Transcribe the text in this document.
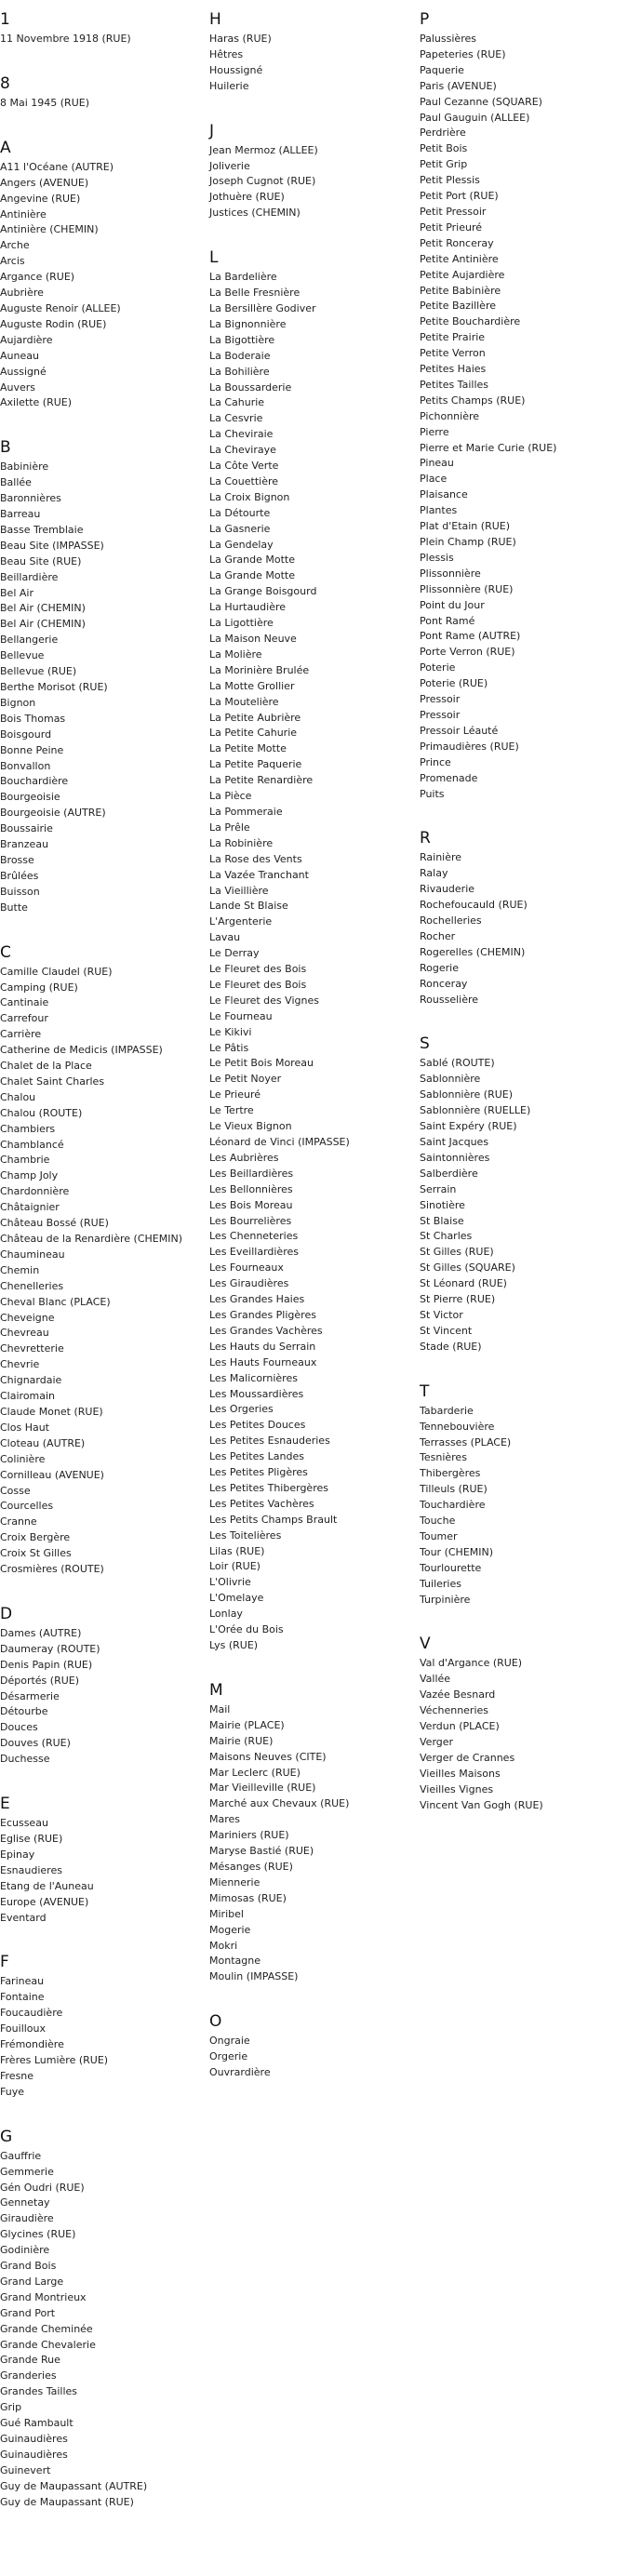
1
11 Novembre 1918 (RUE)
8
8 Mai 1945 (RUE)
A
A11 l'Océane (AUTRE)
Angers (AVENUE)
Angevine (RUE)
Antinière
Antinière (CHEMIN)
Arche
Arcis
Argance (RUE)
Aubrière
Auguste Renoir (ALLEE)
Auguste Rodin (RUE)
Aujardière
Auneau
Aussigné
Auvers
Axilette (RUE)
B
Babinière
Ballée
Baronnières
Barreau
Basse Tremblaie
Beau Site (IMPASSE)
Beau Site (RUE)
Beillardière
Bel Air
Bel Air (CHEMIN)
Bel Air (CHEMIN)
Bellangerie
Bellevue
Bellevue (RUE)
Berthe Morisot (RUE)
Bignon
Bois Thomas
Boisgourd
Bonne Peine
Bonvallon
Bouchardière
Bourgeoisie
Bourgeoisie (AUTRE)
Boussairie
Branzeau
Brosse
Brûlées
Buisson
Butte
C
Camille Claudel (RUE)
Camping (RUE)
Cantinaie
Carrefour
Carrière
Catherine de Medicis (IMPASSE)
Chalet de la Place
Chalet Saint Charles
Chalou
Chalou (ROUTE)
Chambiers
Chamblancé
Chambrie
Champ Joly
Chardonnière
Châtaignier
Château Bossé (RUE)
Château de la Renardière (CHEMIN)
Chaumineau
Chemin
Chenelleries
Cheval Blanc (PLACE)
Cheveigne
Chevreau
Chevretterie
Chevrie
Chignardaie
Clairomain
Claude Monet (RUE)
Clos Haut
Cloteau (AUTRE)
Colinière
Cornilleau (AVENUE)
Cosse
Courcelles
Cranne
Croix Bergère
Croix St Gilles
Crosmières (ROUTE)
D
Dames (AUTRE)
Daumeray (ROUTE)
Denis Papin (RUE)
Déportés (RUE)
Désarmerie
Détourbe
Douces
Douves (RUE)
Duchesse
E
Ecusseau
Eglise (RUE)
Epinay
Esnaudieres
Etang de l'Auneau
Europe (AVENUE)
Eventard
F
Farineau
Fontaine
Foucaudière
Fouilloux
Frémondière
Frères Lumière (RUE)
Fresne
Fuye
G
Gauffrie
Gemmerie
Gén Oudri (RUE)
Gennetay
Giraudière
Glycines (RUE)
Godinière
Grand Bois
Grand Large
Grand Montrieux
Grand Port
Grande Cheminée
Grande Chevalerie
Grande Rue
Granderies
Grandes Tailles
Grip
Gué Rambault
Guinaudières
Guinaudières
Guinevert
Guy de Maupassant (AUTRE)
Guy de Maupassant (RUE)
H
Haras (RUE)
Hêtres
Houssigné
Huilerie
J
Jean Mermoz (ALLEE)
Joliverie
Joseph Cugnot (RUE)
Jothuère (RUE)
Justices (CHEMIN)
L
La Bardelière
La Belle Fresnière
La Bersillère Godiver
La Bignonnière
La Bigottière
La Boderaie
La Bohilière
La Boussarderie
La Cahurie
La Cesvrie
La Cheviraie
La Cheviraye
La Côte Verte
La Couettière
La Croix Bignon
La Détourte
La Gasnerie
La Gendelay
La Grande Motte
La Grande Motte
La Grange Boisgourd
La Hurtaudière
La Ligottière
La Maison Neuve
La Molière
La Morinière Brulée
La Motte Grollier
La Moutelière
La Petite Aubrière
La Petite Cahurie
La Petite Motte
La Petite Paquerie
La Petite Renardière
La Pièce
La Pommeraie
La Prêle
La Robinière
La Rose des Vents
La Vazée Tranchant
La Vieillière
Lande St Blaise
L'Argenterie
Lavau
Le Derray
Le Fleuret des Bois
Le Fleuret des Bois
Le Fleuret des Vignes
Le Fourneau
Le Kikivi
Le Pâtis
Le Petit Bois Moreau
Le Petit Noyer
Le Prieuré
Le Tertre
Le Vieux Bignon
Léonard de Vinci (IMPASSE)
Les Aubrières
Les Beillardières
Les Bellonnières
Les Bois Moreau
Les Bourrelières
Les Chenneteries
Les Eveillardières
Les Fourneaux
Les Giraudières
Les Grandes Haies
Les Grandes Pligères
Les Grandes Vachères
Les Hauts du Serrain
Les Hauts Fourneaux
Les Malicornières
Les Moussardières
Les Orgeries
Les Petites Douces
Les Petites Esnauderies
Les Petites Landes
Les Petites Pligères
Les Petites Thibergères
Les Petites Vachères
Les Petits Champs Brault
Les Toitelières
Lilas (RUE)
Loir (RUE)
L'Olivrie
L'Omelaye
Lonlay
L'Orée du Bois
Lys (RUE)
M
Mail
Mairie (PLACE)
Mairie (RUE)
Maisons Neuves (CITE)
Mar Leclerc (RUE)
Mar Vieilleville (RUE)
Marché aux Chevaux (RUE)
Mares
Mariniers (RUE)
Maryse Bastié (RUE)
Mésanges (RUE)
Miennerie
Mimosas (RUE)
Miribel
Mogerie
Mokri
Montagne
Moulin (IMPASSE)
O
Ongraie
Orgerie
Ouvrardière
P
Palussières
Papeteries (RUE)
Paquerie
Paris (AVENUE)
Paul Cezanne (SQUARE)
Paul Gauguin (ALLEE)
Perdrière
Petit Bois
Petit Grip
Petit Plessis
Petit Port (RUE)
Petit Pressoir
Petit Prieuré
Petit Ronceray
Petite Antinière
Petite Aujardière
Petite Babinière
Petite Bazillère
Petite Bouchardière
Petite Prairie
Petite Verron
Petites Haies
Petites Tailles
Petits Champs (RUE)
Pichonnière
Pierre
Pierre et Marie Curie (RUE)
Pineau
Place
Plaisance
Plantes
Plat d'Etain (RUE)
Plein Champ (RUE)
Plessis
Plissonnière
Plissonnière (RUE)
Point du Jour
Pont Ramé
Pont Rame (AUTRE)
Porte Verron (RUE)
Poterie
Poterie (RUE)
Pressoir
Pressoir
Pressoir Léauté
Primaudières (RUE)
Prince
Promenade
Puits
R
Rainière
Ralay
Rivauderie
Rochefoucauld (RUE)
Rochelleries
Rocher
Rogerelles (CHEMIN)
Rogerie
Ronceray
Rousselière
S
Sablé (ROUTE)
Sablonnière
Sablonnière (RUE)
Sablonnière (RUELLE)
Saint Expéry (RUE)
Saint Jacques
Saintonnières
Salberdière
Serrain
Sinotière
St Blaise
St Charles
St Gilles (RUE)
St Gilles (SQUARE)
St Léonard (RUE)
St Pierre (RUE)
St Victor
St Vincent
Stade (RUE)
T
Tabarderie
Tennebouvière
Terrasses (PLACE)
Tesnières
Thibergères
Tilleuls (RUE)
Touchardière
Touche
Toumer
Tour (CHEMIN)
Tourlourette
Tuileries
Turpinière
V
Val d'Argance (RUE)
Vallée
Vazée Besnard
Véchenneries
Verdun (PLACE)
Verger
Verger de Crannes
Vieilles Maisons
Vieilles Vignes
Vincent Van Gogh (RUE)
